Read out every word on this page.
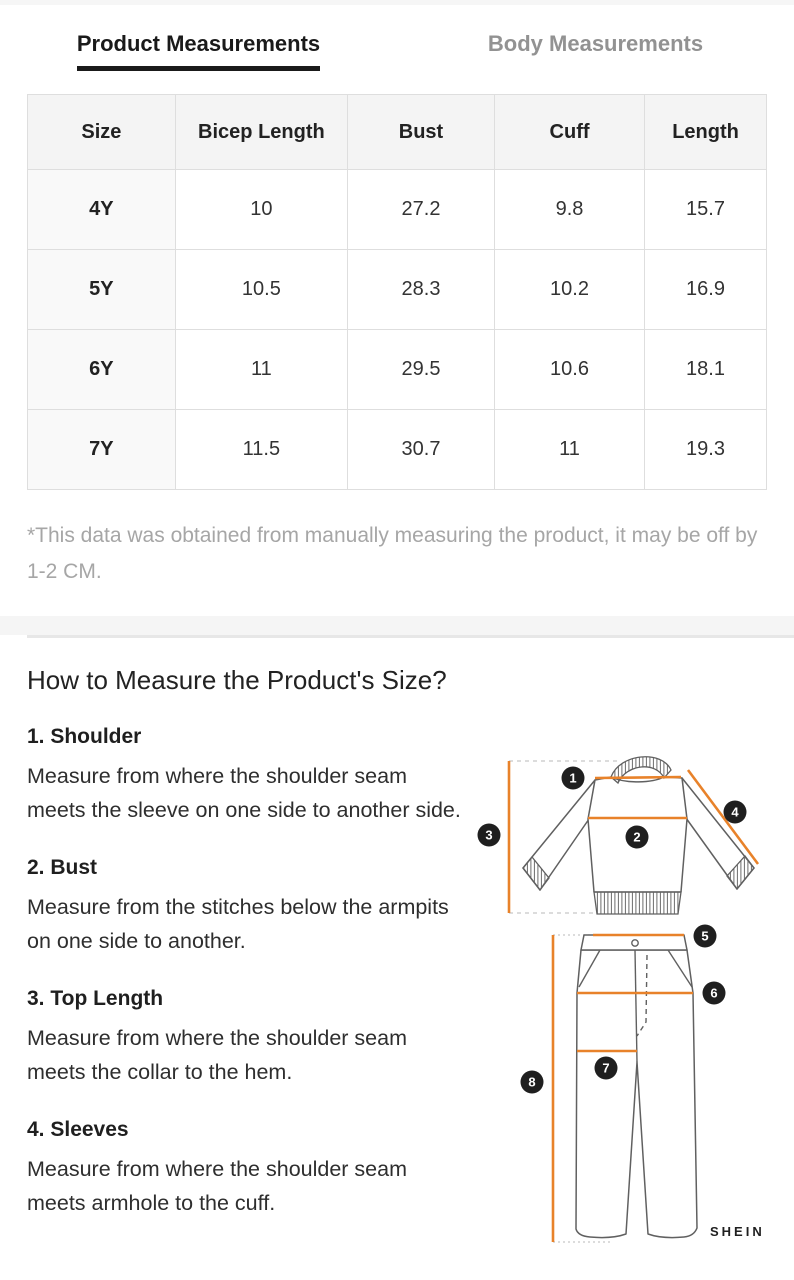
Product Measurements	Body Measurements
Size	Bicep Length	Bust	Cuff	Length
4Y	10	27.2	9.8	15.7
5Y	10.5	28.3	10.2	16.9
6Y	11	29.5	10.6	18.1
7Y	11.5	30.7	11	19.3
*This data was obtained from manually measuring the product, it may be off by 1-2 CM.
How to Measure the Product's Size?
1. Shoulder
Measure from where the shoulder seam meets the sleeve on one side to another side.
2. Bust
Measure from the stitches below the armpits on one side to another.
3. Top Length
Measure from where the shoulder seam meets the collar to the hem.
4. Sleeves
Measure from where the shoulder seam meets armhole to the cuff.
1
2
3
4
5
6
7
8
SHEIN
